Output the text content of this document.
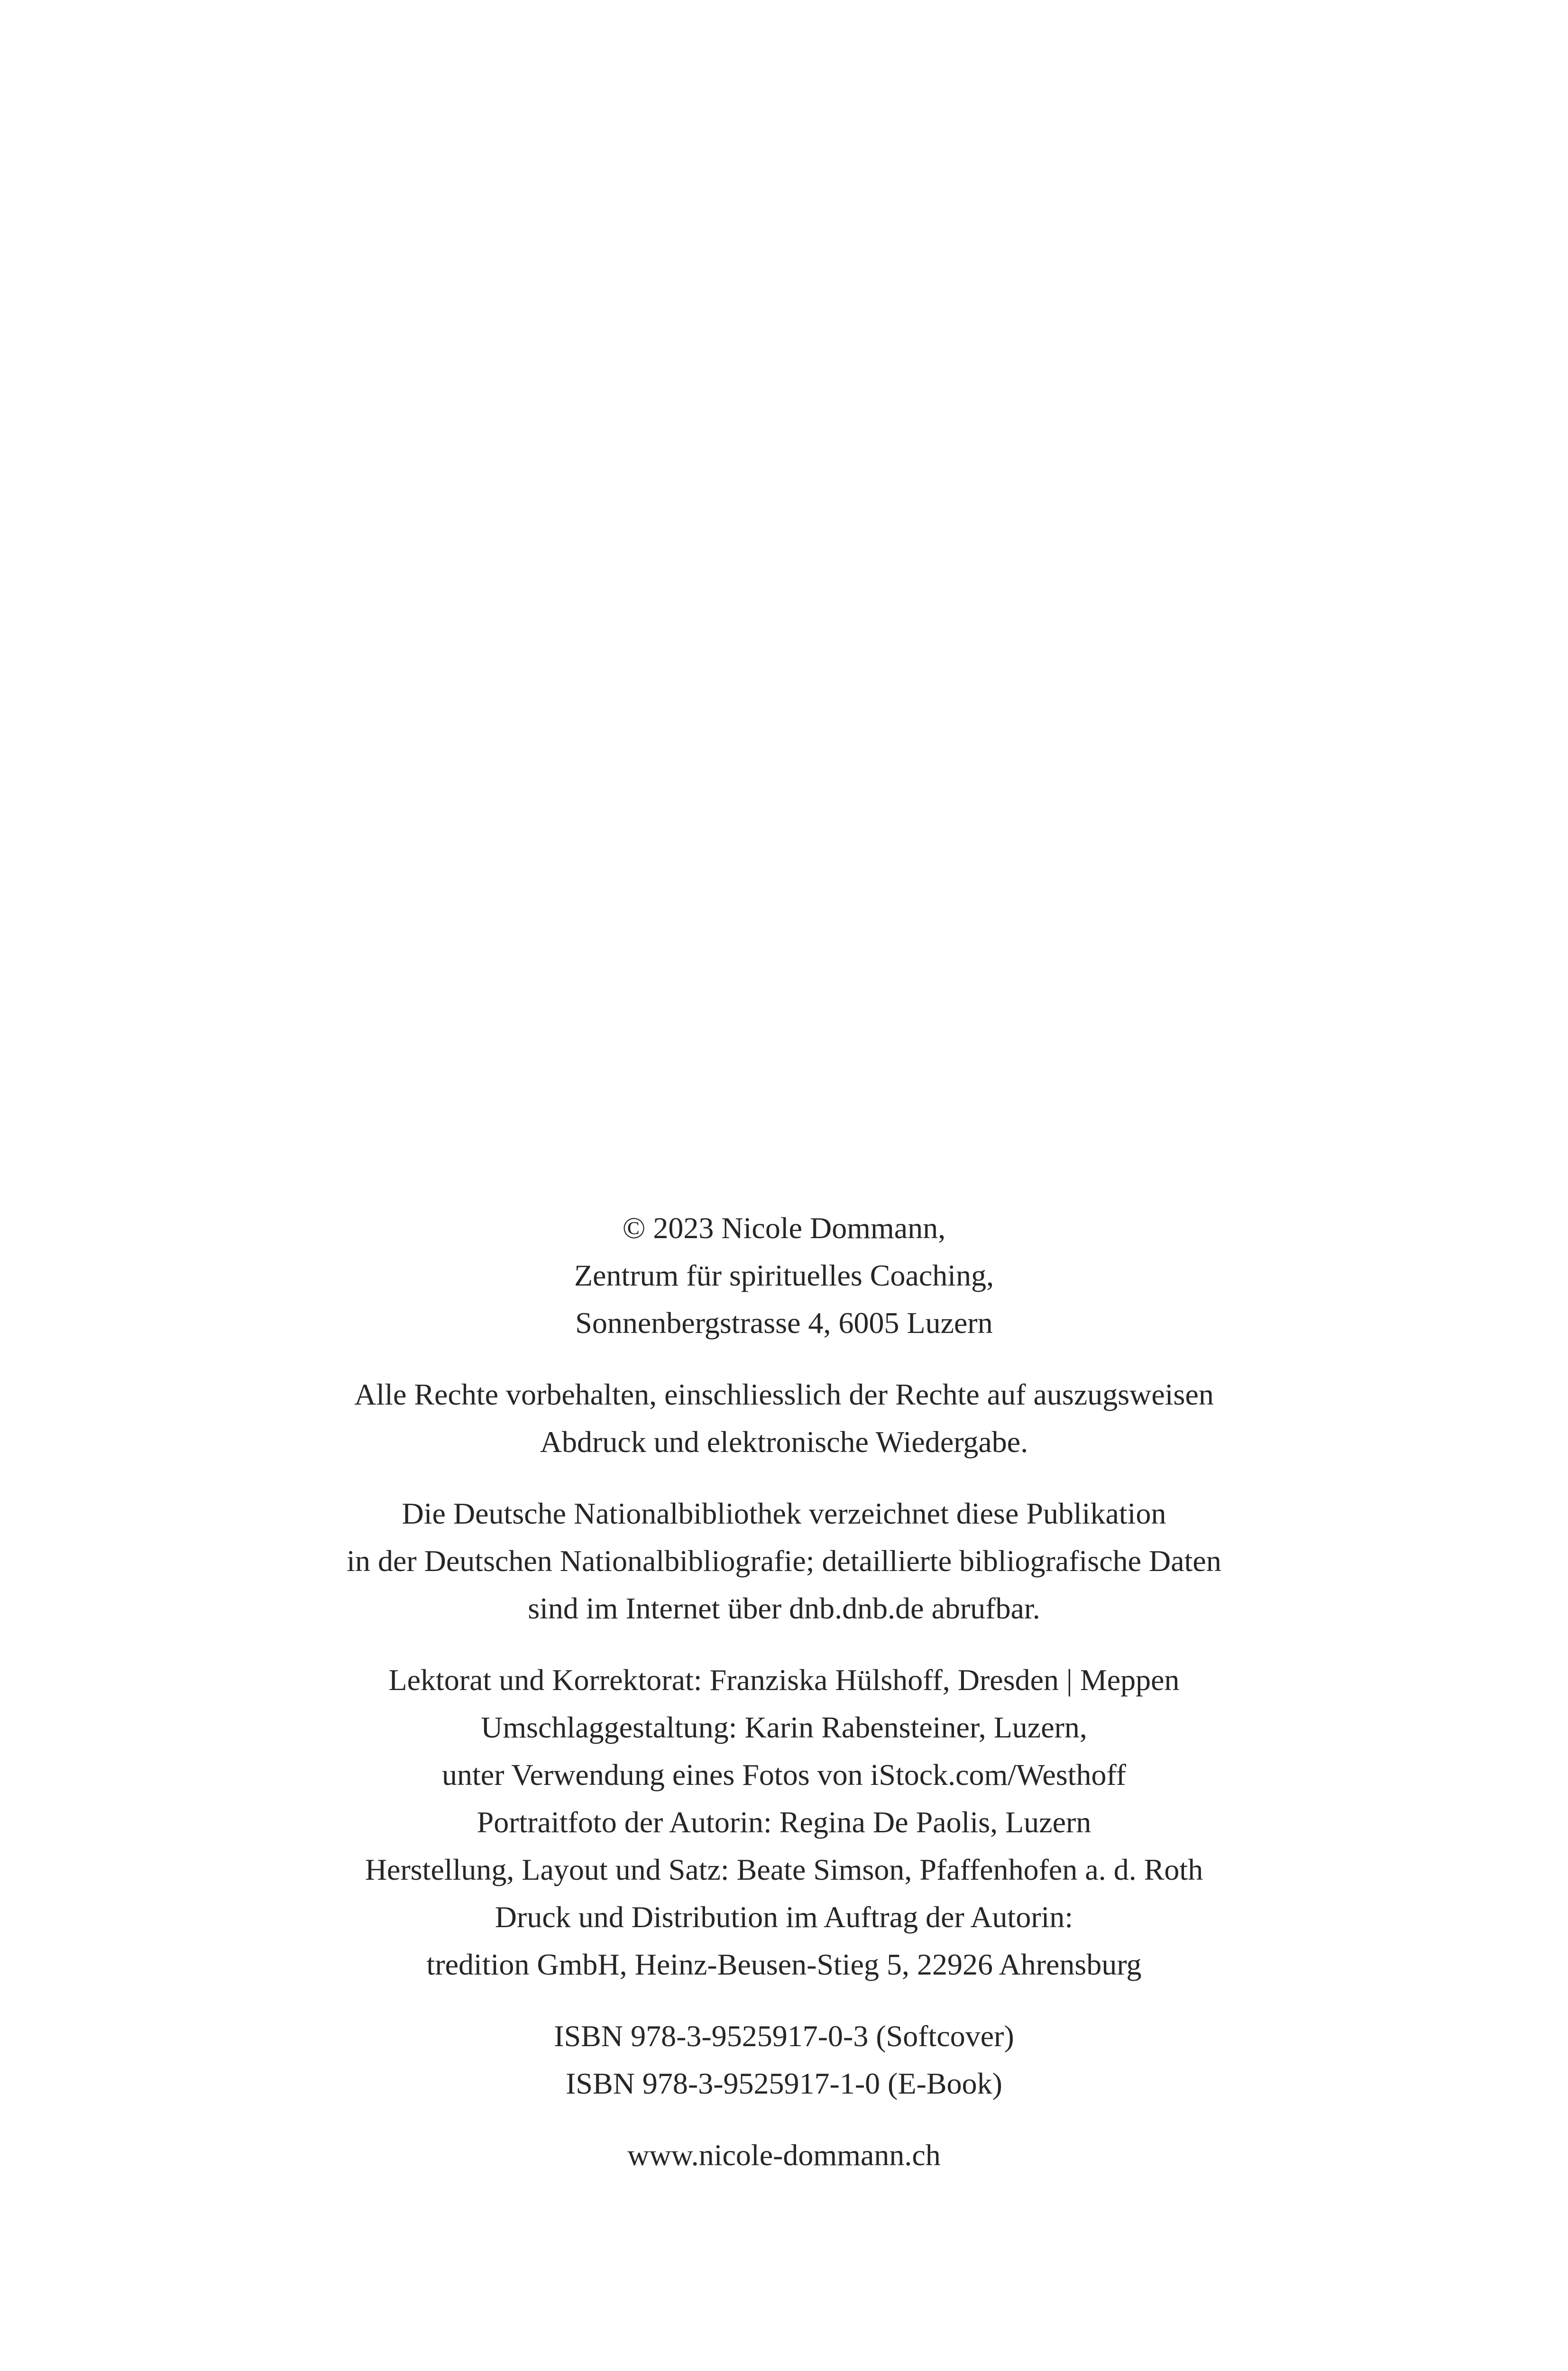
© 2023 Nicole Dommann,
Zentrum für spirituelles Coaching,
Sonnenbergstrasse 4, 6005 Luzern

Alle Rechte vorbehalten, einschliesslich der Rechte auf auszugsweisen
Abdruck und elektronische Wiedergabe.

Die Deutsche Nationalbibliothek verzeichnet diese Publikation
in der Deutschen Nationalbibliografie; detaillierte bibliografische Daten
sind im Internet über dnb.dnb.de abrufbar.

Lektorat und Korrektorat: Franziska Hülshoff, Dresden | Meppen
Umschlaggestaltung: Karin Rabensteiner, Luzern,
unter Verwendung eines Fotos von iStock.com/Westhoff
Portraitfoto der Autorin: Regina De Paolis, Luzern
Herstellung, Layout und Satz: Beate Simson, Pfaffenhofen a. d. Roth
Druck und Distribution im Auftrag der Autorin:
tredition GmbH, Heinz-Beusen-Stieg 5, 22926 Ahrensburg

ISBN 978-3-9525917-0-3 (Softcover)
ISBN 978-3-9525917-1-0 (E-Book)

www.nicole-dommann.ch
